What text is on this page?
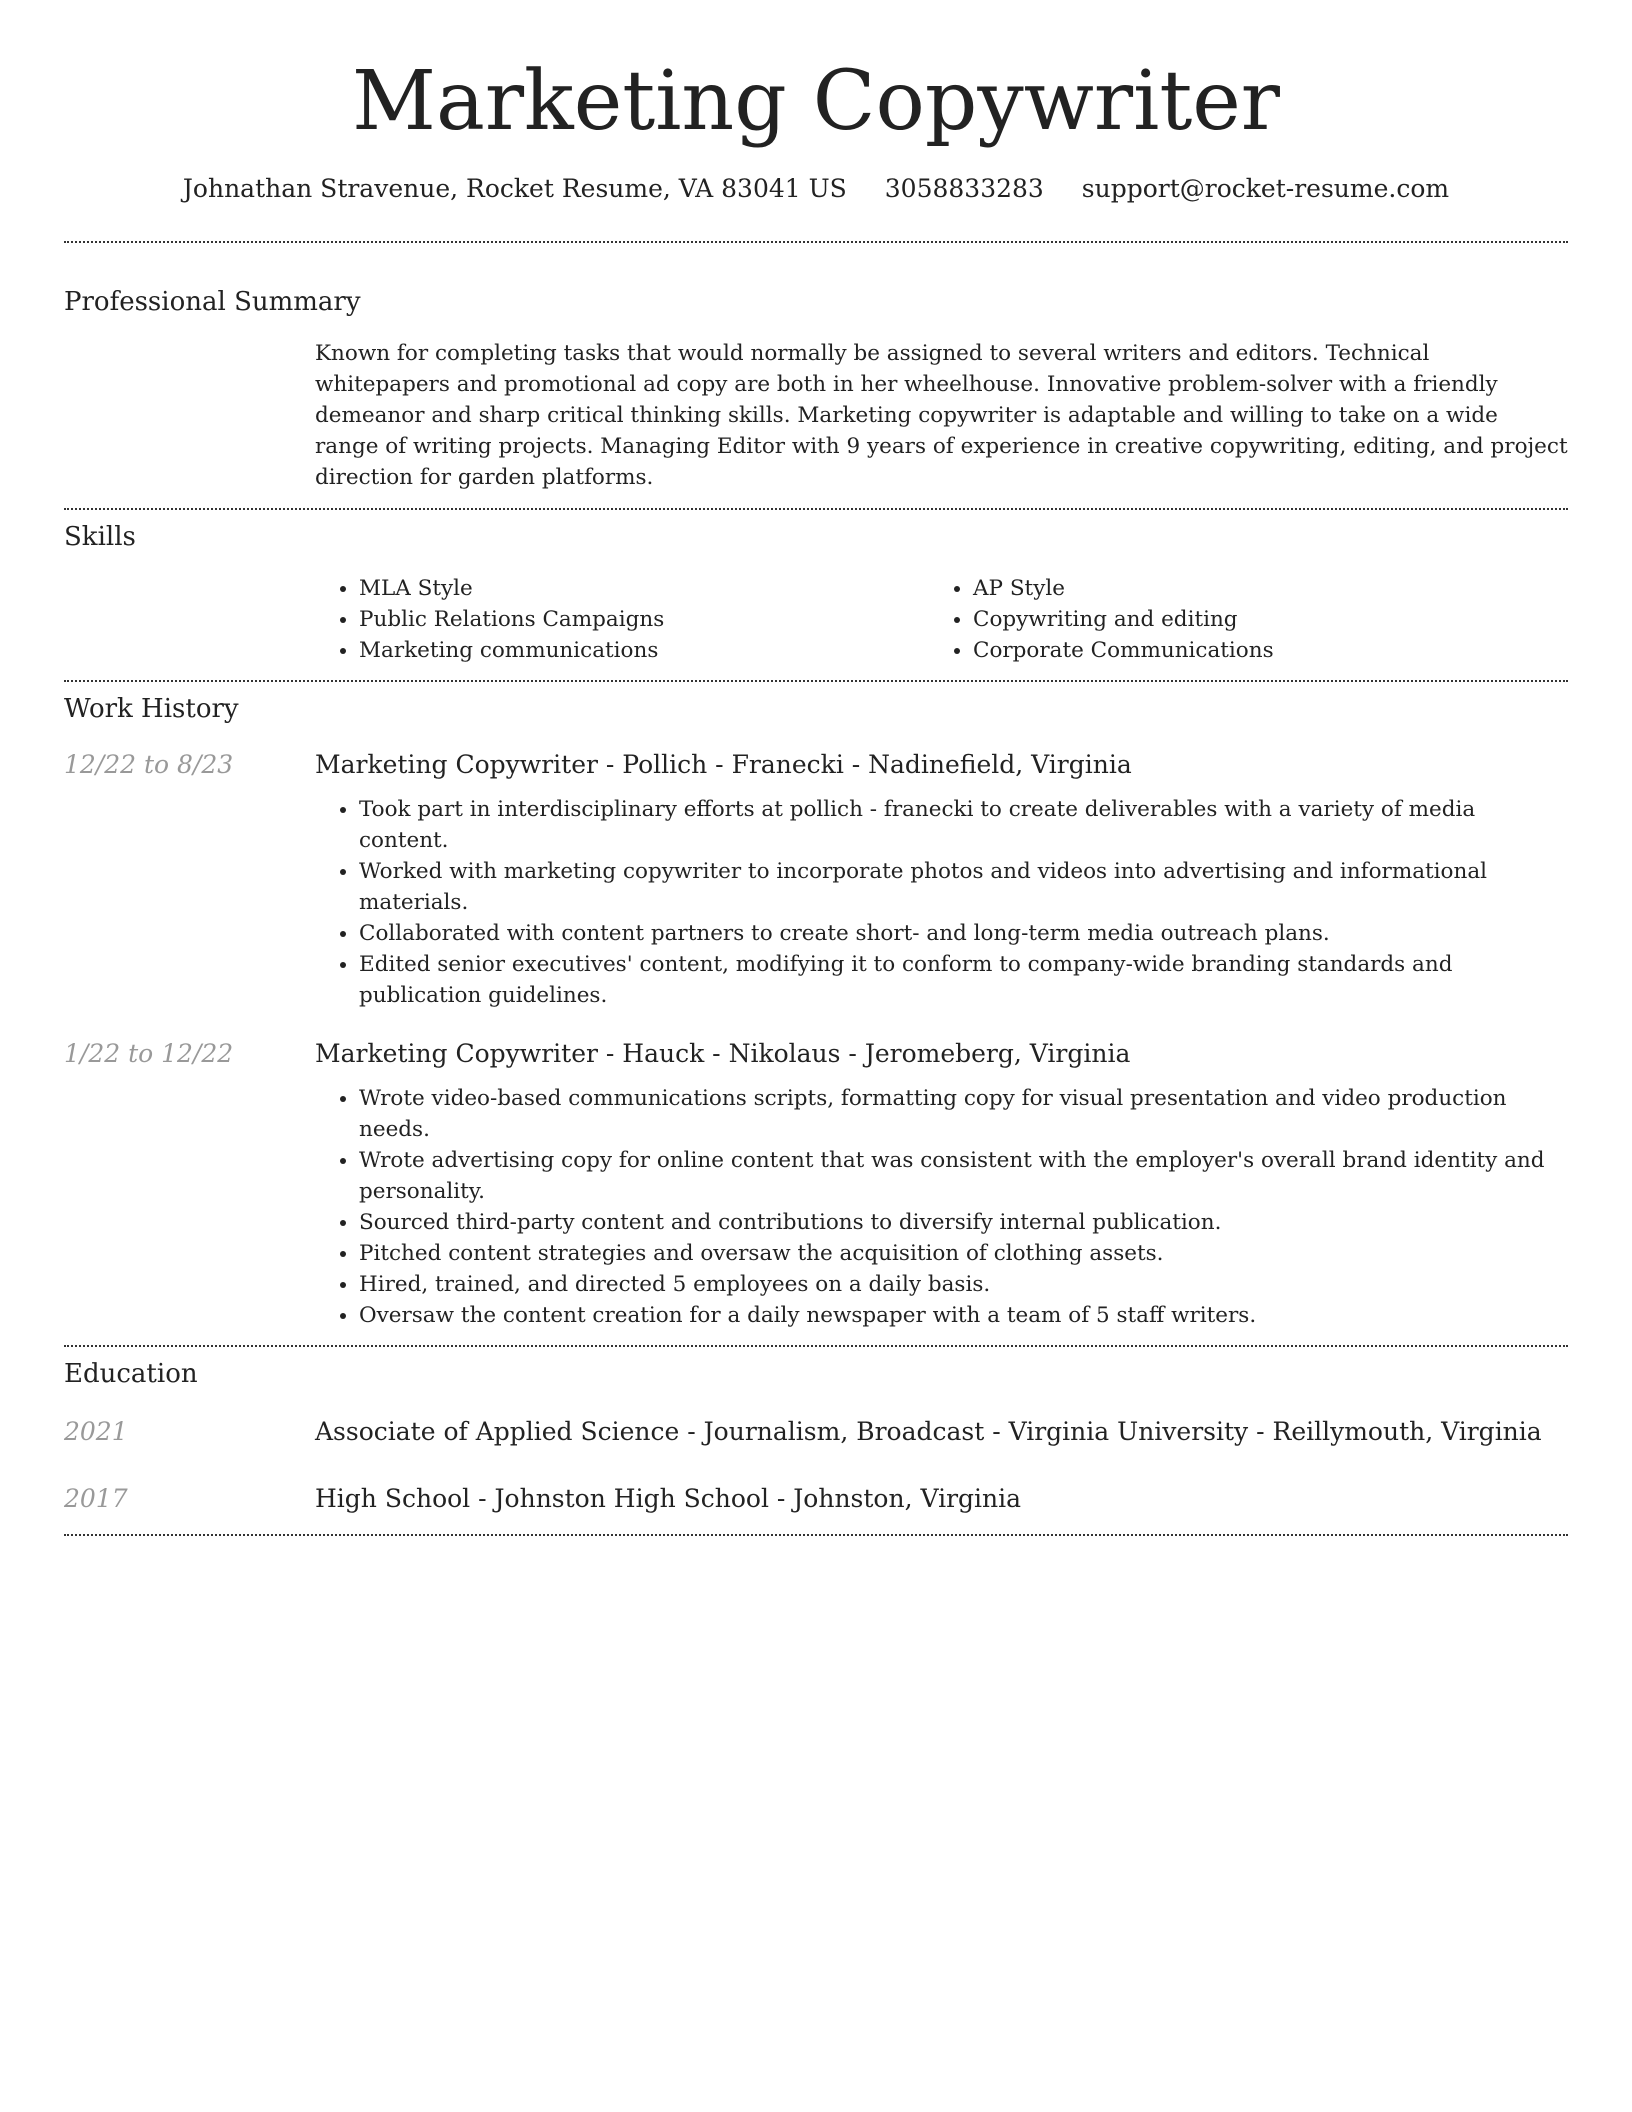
Marketing Copywriter
Johnathan Stravenue, Rocket Resume, VA 83041 US 3058833283 support@rocket-resume.com
Professional Summary
Known for completing tasks that would normally be assigned to several writers and editors. Technical whitepapers and promotional ad copy are both in her wheelhouse. Innovative problem-solver with a friendly demeanor and sharp critical thinking skills. Marketing copywriter is adaptable and willing to take on a wide range of writing projects. Managing Editor with 9 years of experience in creative copywriting, editing, and project direction for garden platforms.
Skills
• MLA Style
• Public Relations Campaigns
• Marketing communications
• AP Style
• Copywriting and editing
• Corporate Communications
Work History
12/22 to 8/23	Marketing Copywriter - Pollich - Franecki - Nadinefield, Virginia
• Took part in interdisciplinary efforts at pollich - franecki to create deliverables with a variety of media content.
• Worked with marketing copywriter to incorporate photos and videos into advertising and informational materials.
• Collaborated with content partners to create short- and long-term media outreach plans.
• Edited senior executives' content, modifying it to conform to company-wide branding standards and publication guidelines.
1/22 to 12/22	Marketing Copywriter - Hauck - Nikolaus - Jeromeberg, Virginia
• Wrote video-based communications scripts, formatting copy for visual presentation and video production needs.
• Wrote advertising copy for online content that was consistent with the employer's overall brand identity and personality.
• Sourced third-party content and contributions to diversify internal publication.
• Pitched content strategies and oversaw the acquisition of clothing assets.
• Hired, trained, and directed 5 employees on a daily basis.
• Oversaw the content creation for a daily newspaper with a team of 5 staff writers.
Education
2021	Associate of Applied Science - Journalism, Broadcast - Virginia University - Reillymouth, Virginia
2017	High School - Johnston High School - Johnston, Virginia
